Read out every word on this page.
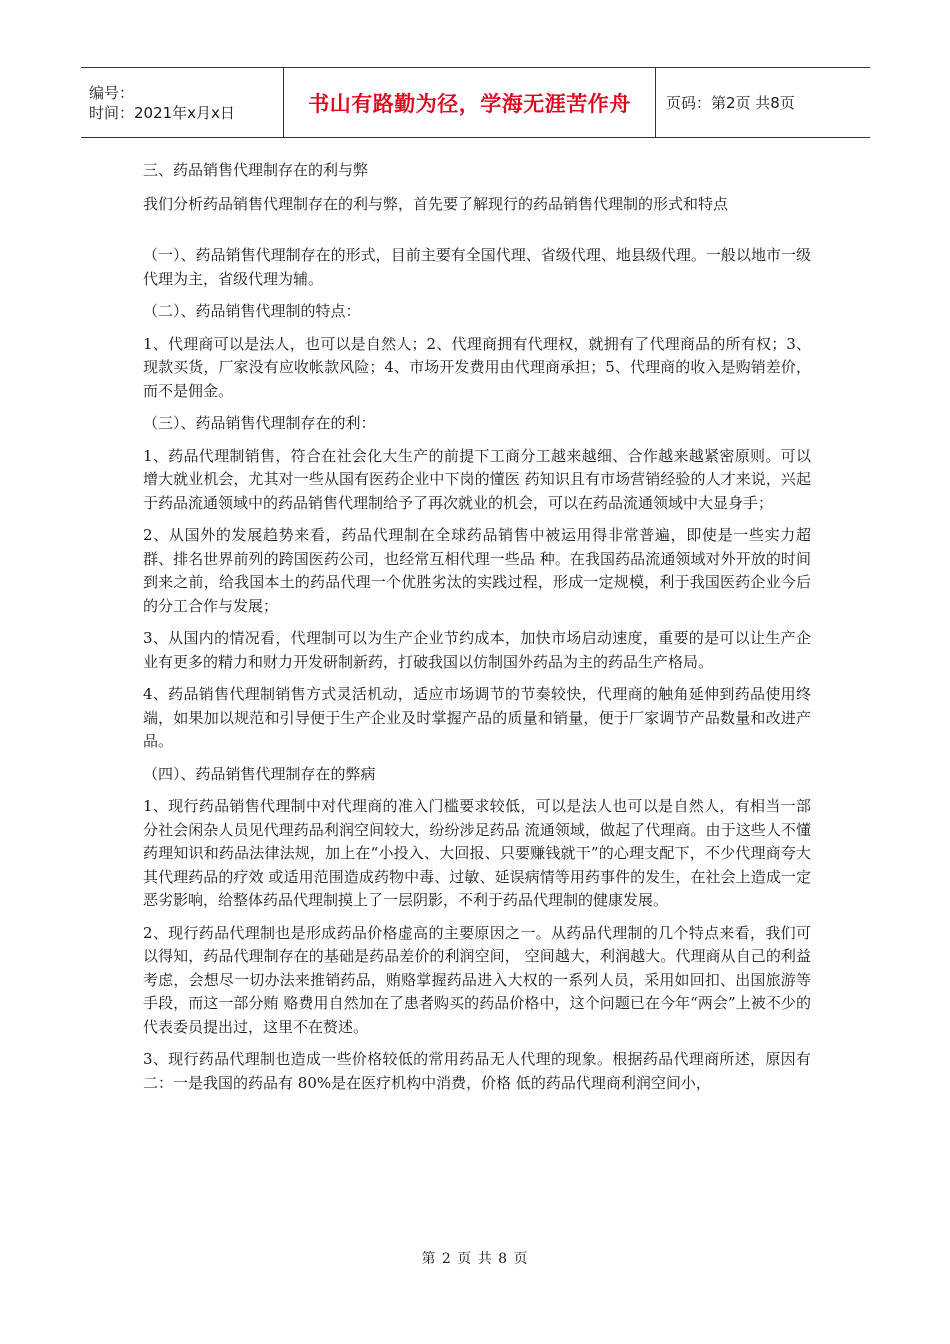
编号：
时间：2021年x月x日	书山有路勤为径，学海无涯苦作舟 页码：第2页 共8页

三、药品销售代理制存在的利与弊

我们分析药品销售代理制存在的利与弊，首先要了解现行的药品销售代理制的形式和特点

（一）、药品销售代理制存在的形式，目前主要有全国代理、省级代理、地县级代理。一般以地市一级代理为主，省级代理为辅。

（二）、药品销售代理制的特点：

1、代理商可以是法人，也可以是自然人；2、代理商拥有代理权，就拥有了代理商品的所有权；3、现款买货，厂家没有应收帐款风险；4、市场开发费用由代理商承担；5、代理商的收入是购销差价，而不是佣金。

（三）、药品销售代理制存在的利：

1、药品代理制销售，符合在社会化大生产的前提下工商分工越来越细、合作越来越紧密原则。可以增大就业机会，尤其对一些从国有医药企业中下岗的懂医 药知识且有市场营销经验的人才来说，兴起于药品流通领域中的药品销售代理制给予了再次就业的机会，可以在药品流通领域中大显身手；

2、从国外的发展趋势来看，药品代理制在全球药品销售中被运用得非常普遍，即使是一些实力超群、排名世界前列的跨国医药公司，也经常互相代理一些品 种。在我国药品流通领域对外开放的时间到来之前，给我国本土的药品代理一个优胜劣汰的实践过程，形成一定规模，利于我国医药企业今后的分工合作与发展；

3、从国内的情况看，代理制可以为生产企业节约成本，加快市场启动速度，重要的是可以让生产企业有更多的精力和财力开发研制新药，打破我国以仿制国外药品为主的药品生产格局。

4、药品销售代理制销售方式灵活机动，适应市场调节的节奏较快，代理商的触角延伸到药品使用终端，如果加以规范和引导便于生产企业及时掌握产品的质量和销量，便于厂家调节产品数量和改进产品。

（四）、药品销售代理制存在的弊病

1、现行药品销售代理制中对代理商的准入门槛要求较低，可以是法人也可以是自然人，有相当一部分社会闲杂人员见代理药品利润空间较大，纷纷涉足药品 流通领域，做起了代理商。由于这些人不懂药理知识和药品法律法规，加上在“小投入、大回报、只要赚钱就干”的心理支配下，不少代理商夸大其代理药品的疗效 或适用范围造成药物中毒、过敏、延误病情等用药事件的发生，在社会上造成一定恶劣影响，给整体药品代理制摸上了一层阴影，不利于药品代理制的健康发展。

2、现行药品代理制也是形成药品价格虚高的主要原因之一。从药品代理制的几个特点来看，我们可以得知，药品代理制存在的基础是药品差价的利润空间， 空间越大，利润越大。代理商从自己的利益考虑，会想尽一切办法来推销药品，贿赂掌握药品进入大权的一系列人员，采用如回扣、出国旅游等手段，而这一部分贿 赂费用自然加在了患者购买的药品价格中，这个问题已在今年“两会”上被不少的代表委员提出过，这里不在赘述。

3、现行药品代理制也造成一些价格较低的常用药品无人代理的现象。根据药品代理商所述，原因有二：一是我国的药品有 80%是在医疗机构中消费，价格 低的药品代理商利润空间小，

第 2 页 共 8 页
